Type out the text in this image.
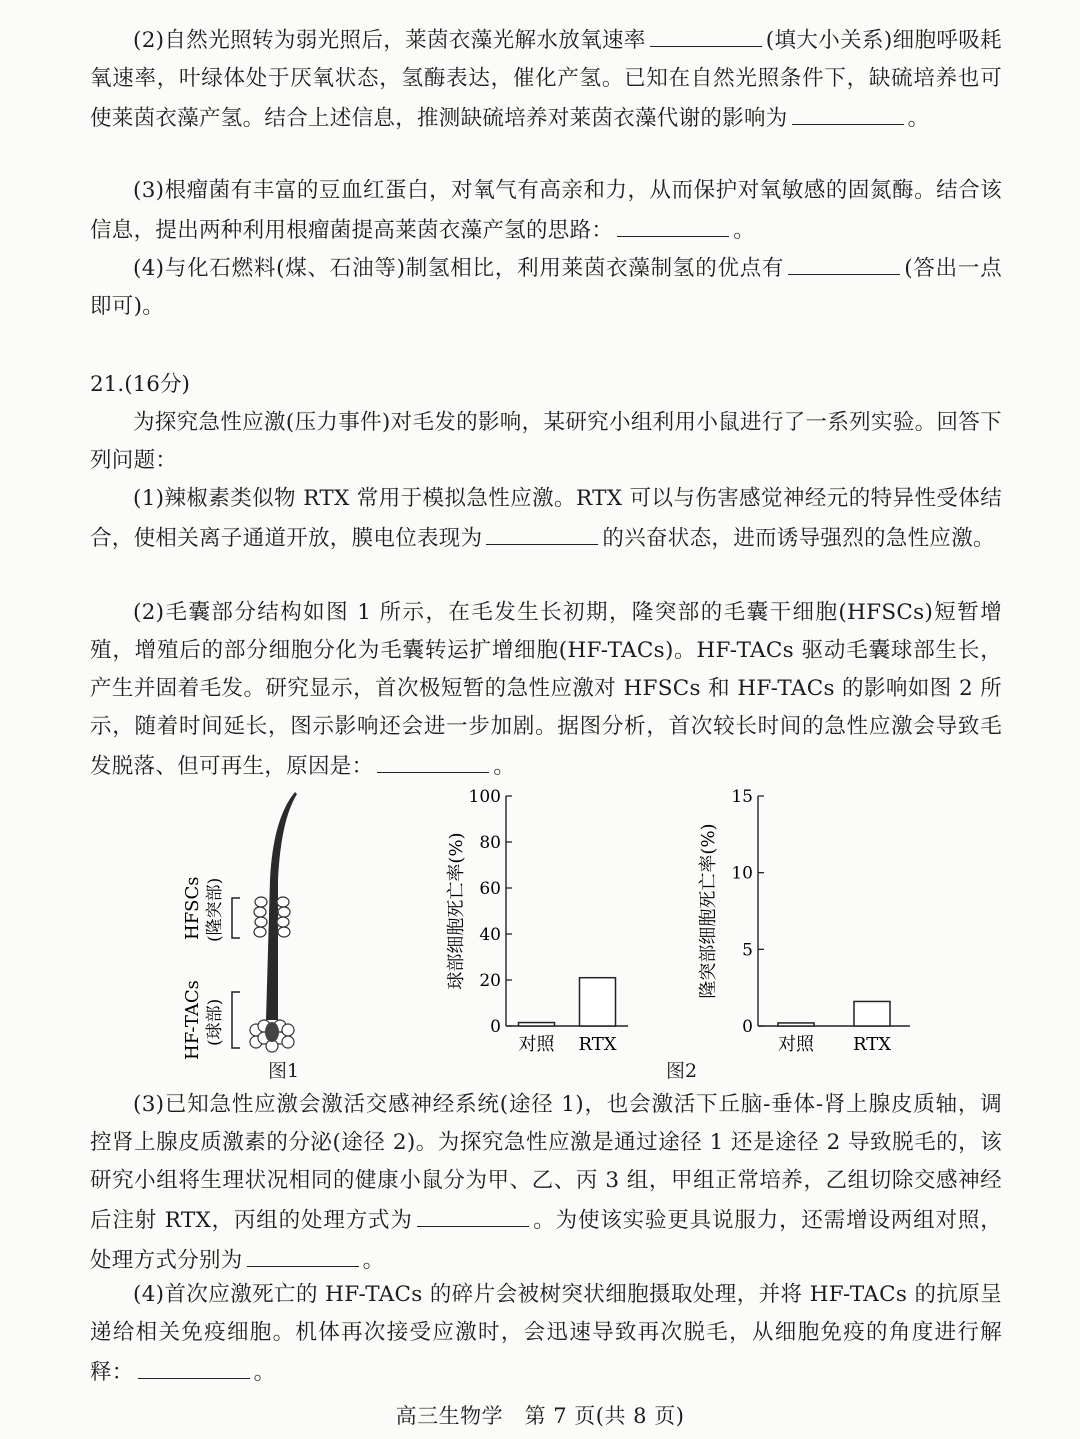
(2)自然光照转为弱光照后，莱茵衣藻光解水放氧速率	(填大小关系)细胞呼吸耗氧速率，叶绿体处于厌氧状态，氢酶表达，催化产氢。已知在自然光照条件下，缺硫培养也可使莱茵衣藻产氢。结合上述信息，推测缺硫培养对莱茵衣藻代谢的影响为	。

(3)根瘤菌有丰富的豆血红蛋白，对氧气有高亲和力，从而保护对氧敏感的固氮酶。结合该信息，提出两种利用根瘤菌提高莱茵衣藻产氢的思路：	。

(4)与化石燃料(煤、石油等)制氢相比，利用莱茵衣藻制氢的优点有	(答出一点即可)。

21.(16分)

为探究急性应激(压力事件)对毛发的影响，某研究小组利用小鼠进行了一系列实验。回答下列问题：

(1)辣椒素类似物 RTX 常用于模拟急性应激。RTX 可以与伤害感觉神经元的特异性受体结合，使相关离子通道开放，膜电位表现为	的兴奋状态，进而诱导强烈的急性应激。

(2)毛囊部分结构如图 1 所示，在毛发生长初期，隆突部的毛囊干细胞(HFSCs)短暂增殖，增殖后的部分细胞分化为毛囊转运扩增细胞(HF-TACs)。HF-TACs 驱动毛囊球部生长，产生并固着毛发。研究显示，首次极短暂的急性应激对 HFSCs 和 HF-TACs 的影响如图 2 所示，随着时间延长，图示影响还会进一步加剧。据图分析，首次较长时间的急性应激会导致毛发脱落、但可再生，原因是：	。

HFSCs (隆突部)
HF-TACs (球部)
图1
0
20
40
60
80
100
球部细胞死亡率(%)
对照 RTX
0
5
10
15
隆突部细胞死亡率(%)
对照 RTX
图2

(3)已知急性应激会激活交感神经系统(途径 1)，也会激活下丘脑-垂体-肾上腺皮质轴，调控肾上腺皮质激素的分泌(途径 2)。为探究急性应激是通过途径 1 还是途径 2 导致脱毛的，该研究小组将生理状况相同的健康小鼠分为甲、乙、丙 3 组，甲组正常培养，乙组切除交感神经后注射 RTX，丙组的处理方式为	。为使该实验更具说服力，还需增设两组对照，处理方式分别为	。

(4)首次应激死亡的 HF-TACs 的碎片会被树突状细胞摄取处理，并将 HF-TACs 的抗原呈递给相关免疫细胞。机体再次接受应激时，会迅速导致再次脱毛，从细胞免疫的角度进行解释：	。

高三生物学　第 7 页(共 8 页)
